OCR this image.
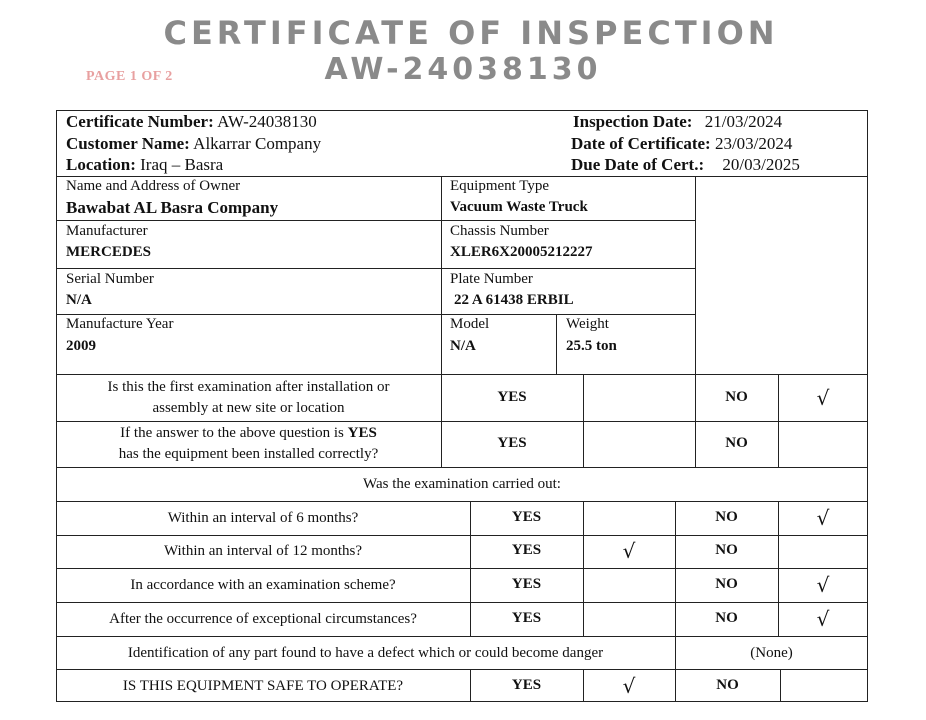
CERTIFICATE OF INSPECTION
AW-24038130
PAGE 1 OF 2
Certificate Number: AW-24038130
Customer Name: Alkarrar Company
Location: Iraq – Basra
Inspection Date: 21/03/2024
Date of Certificate: 23/03/2024
Due Date of Cert.: 20/03/2025
Name and Address of Owner
Bawabat AL Basra Company
Equipment Type
Vacuum Waste Truck
Manufacturer
MERCEDES
Chassis Number
XLER6X20005212227
Serial Number
N/A
Plate Number
22 A 61438 ERBIL
Manufacture Year
2009
Model
N/A
Weight
25.5 ton
Is this the first examination after installation or
assembly at new site or location
YES	NO	√
If the answer to the above question is YES
has the equipment been installed correctly?
YES	NO
Was the examination carried out:
Within an interval of 6 months?	YES	NO	√
Within an interval of 12 months?	YES	√	NO
In accordance with an examination scheme?	YES	NO	√
After the occurrence of exceptional circumstances?	YES	NO	√
Identification of any part found to have a defect which or could become danger	(None)
IS THIS EQUIPMENT SAFE TO OPERATE?	YES	√	NO
